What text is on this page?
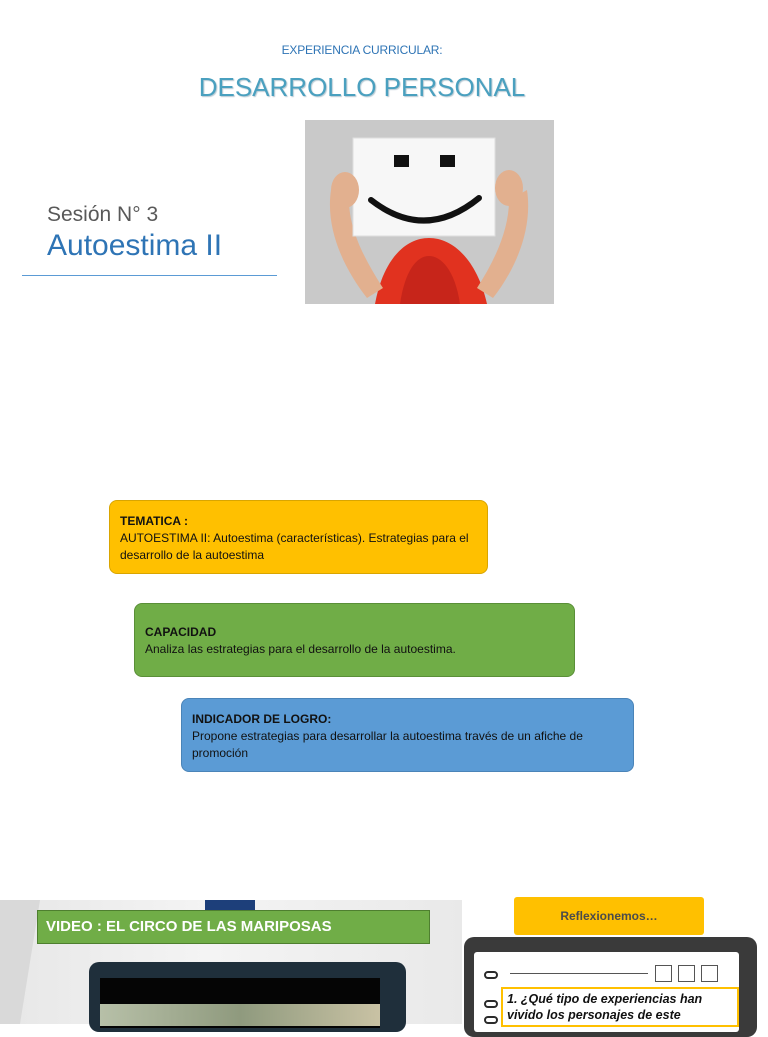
EXPERIENCIA CURRICULAR:
DESARROLLO PERSONAL
Sesión N° 3
Autoestima II
TEMATICA :
AUTOESTIMA II: Autoestima (características). Estrategias para el desarrollo de la autoestima
CAPACIDAD
Analiza las estrategias para el desarrollo de la autoestima.
INDICADOR DE LOGRO:
Propone estrategias para desarrollar la autoestima través de un afiche de promoción
VIDEO : EL CIRCO DE LAS MARIPOSAS
Reflexionemos…
1. ¿Qué tipo de experiencias han vivido los personajes de este
